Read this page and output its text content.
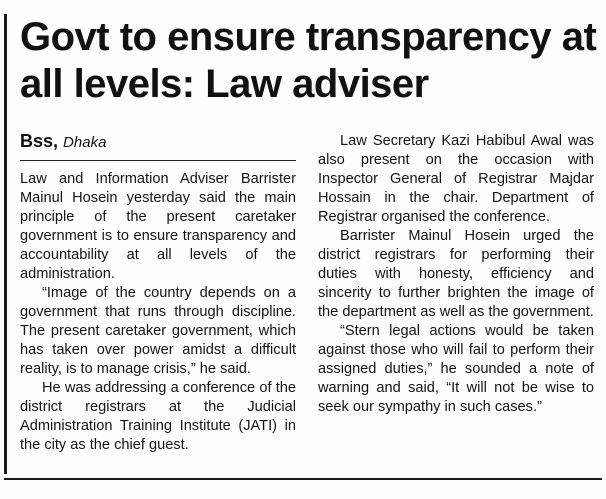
Govt to ensure transparency at all levels: Law adviser
Bss, Dhaka

Law and Information Adviser Barrister Mainul Hosein yesterday said the main principle of the present caretaker government is to ensure transparency and accountability at all levels of the administration.

“Image of the country depends on a government that runs through discipline. The present caretaker government, which has taken over power amidst a difficult reality, is to manage crisis,” he said.

He was addressing a conference of the district registrars at the Judicial Administration Training Institute (JATI) in the city as the chief guest.

Law Secretary Kazi Habibul Awal was also present on the occasion with Inspector General of Registrar Majdar Hossain in the chair. Department of Registrar organised the conference.

Barrister Mainul Hosein urged the district registrars for performing their duties with honesty, efficiency and sincerity to further brighten the image of the department as well as the government.

“Stern legal actions would be taken against those who will fail to perform their assigned duties,” he sounded a note of warning and said, “It will not be wise to seek our sympathy in such cases.”
